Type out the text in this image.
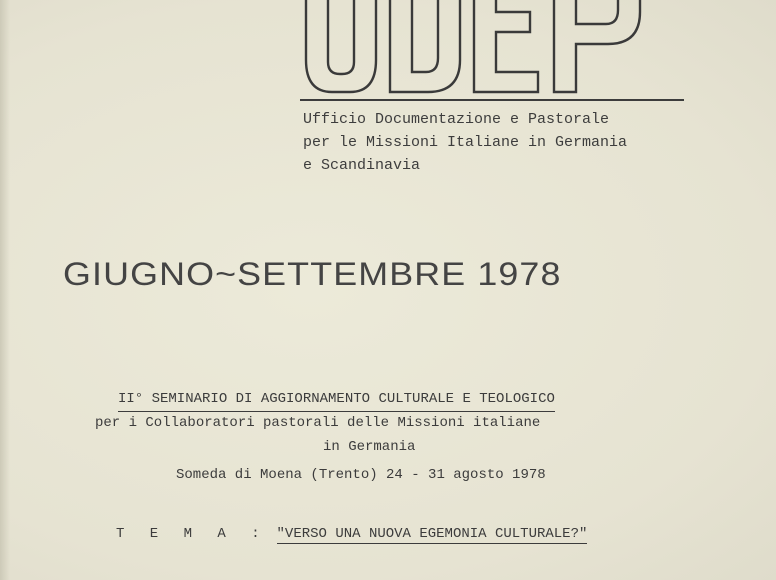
Ufficio Documentazione e Pastorale
per le Missioni Italiane in Germania
e Scandinavia
GIUGNO~SETTEMBRE 1978
II° SEMINARIO DI AGGIORNAMENTO CULTURALE E TEOLOGICO
per i Collaboratori pastorali delle Missioni italiane
in Germania
Someda di Moena (Trento) 24 - 31 agosto 1978
T E M A : "VERSO UNA NUOVA EGEMONIA CULTURALE?"
